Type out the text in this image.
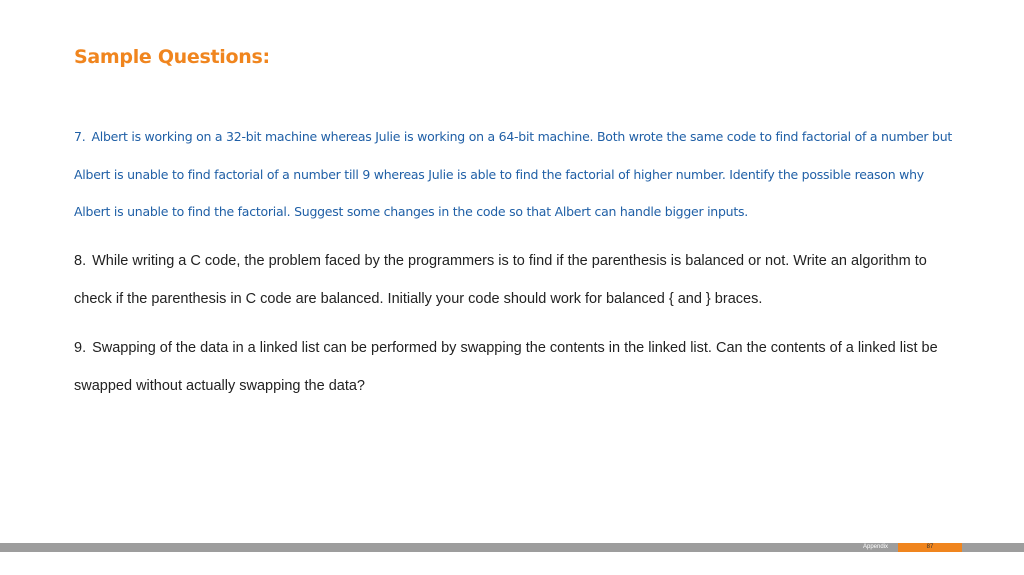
Sample Questions:

7. Albert is working on a 32-bit machine whereas Julie is working on a 64-bit machine. Both wrote the same code to find factorial of a number but Albert is unable to find factorial of a number till 9 whereas Julie is able to find the factorial of higher number. Identify the possible reason why Albert is unable to find the factorial. Suggest some changes in the code so that Albert can handle bigger inputs.

8. While writing a C code, the problem faced by the programmers is to find if the parenthesis is balanced or not. Write an algorithm to check if the parenthesis in C code are balanced. Initially your code should work for balanced { and } braces.

9. Swapping of the data in a linked list can be performed by swapping the contents in the linked list. Can the contents of a linked list be swapped without actually swapping the data?

Appendix	87
